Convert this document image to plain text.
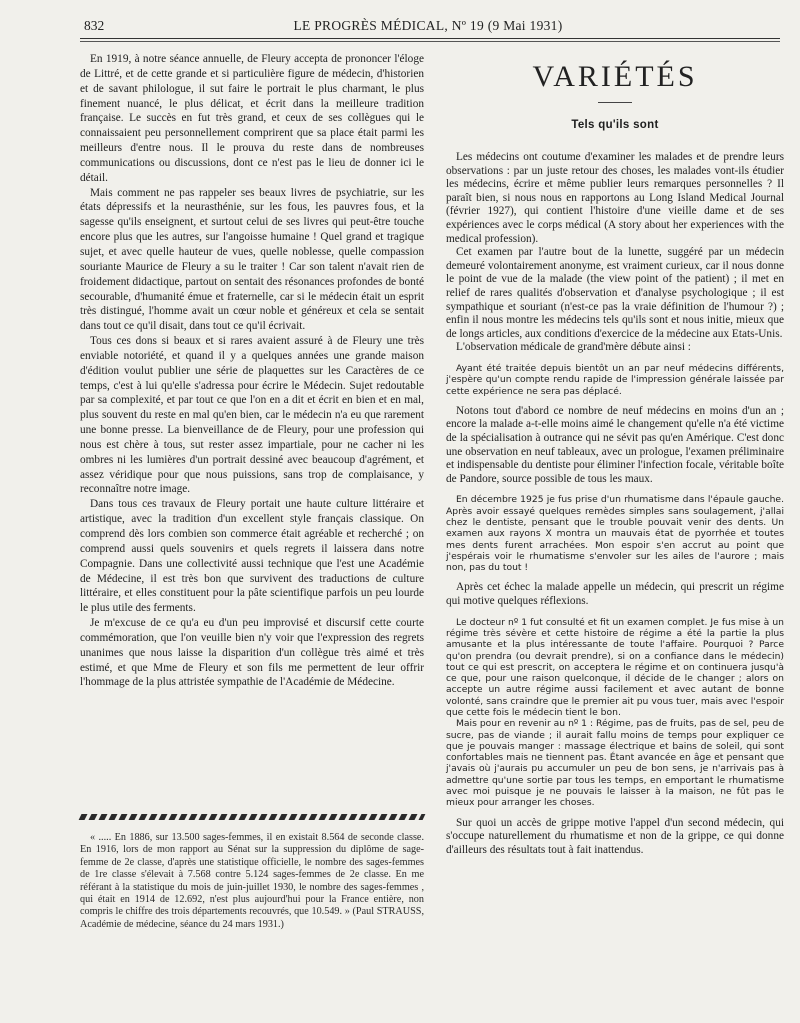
832	LE PROGRÈS MÉDICAL, Nº 19 (9 Mai 1931)

En 1919, à notre séance annuelle, de Fleury accepta de prononcer l'éloge de Littré, et de cette grande et si particulière figure de médecin, d'historien et de savant philologue, il sut faire le portrait le plus charmant, le plus finement nuancé, le plus délicat, et écrit dans la meilleure tradition française. Le succès en fut très grand, et ceux de ses collègues qui le connaissaient peu personnellement comprirent que sa place était parmi les meilleurs d'entre nous. Il le prouva du reste dans de nombreuses communications ou discussions, dont ce n'est pas le lieu de donner ici le détail.

Mais comment ne pas rappeler ses beaux livres de psychiatrie, sur les états dépressifs et la neurasthénie, sur les fous, les pauvres fous, et la sagesse qu'ils enseignent, et surtout celui de ses livres qui peut-être touche encore plus que les autres, sur l'angoisse humaine ! Quel grand et tragique sujet, et avec quelle hauteur de vues, quelle noblesse, quelle compassion souriante Maurice de Fleury a su le traiter ! Car son talent n'avait rien de froidement didactique, partout on sentait des résonances profondes de bonté secourable, d'humanité émue et fraternelle, car si le médecin était un esprit très distingué, l'homme avait un cœur noble et généreux et cela se sentait dans tout ce qu'il disait, dans tout ce qu'il écrivait.

Tous ces dons si beaux et si rares avaient assuré à de Fleury une très enviable notoriété, et quand il y a quelques années une grande maison d'édition voulut publier une série de plaquettes sur les Caractères de ce temps, c'est à lui qu'elle s'adressa pour écrire le Médecin. Sujet redoutable par sa complexité, et par tout ce que l'on en a dit et écrit en bien et en mal, plus souvent du reste en mal qu'en bien, car le médecin n'a eu que rarement une bonne presse. La bienveillance de de Fleury, pour une profession qui nous est chère à tous, sut rester assez impartiale, pour ne cacher ni les ombres ni les lumières d'un portrait dessiné avec beaucoup d'agrément, et assez véridique pour que nous puissions, sans trop de complaisance, y reconnaître notre image.

Dans tous ces travaux de Fleury portait une haute culture littéraire et artistique, avec la tradition d'un excellent style français classique. On comprend dès lors combien son commerce était agréable et recherché ; on comprend aussi quels souvenirs et quels regrets il laissera dans notre Compagnie. Dans une collectivité aussi technique que l'est une Académie de Médecine, il est très bon que survivent des traductions de culture littéraire, et elles constituent pour la pâte scientifique parfois un peu lourde le plus utile des ferments.

Je m'excuse de ce qu'a eu d'un peu improvisé et discursif cette courte commémoration, que l'on veuille bien n'y voir que l'expression des regrets unanimes que nous laisse la disparition d'un collègue très aimé et très estimé, et que Mme de Fleury et son fils me permettent de leur offrir l'hommage de la plus attristée sympathie de l'Académie de Médecine.

« ..... En 1886, sur 13.500 sages-femmes, il en existait 8.564 de seconde classe. En 1916, lors de mon rapport au Sénat sur la suppression du diplôme de sage-femme de 2e classe, d'après une statistique officielle, le nombre des sages-femmes de 1re classe s'élevait à 7.568 contre 5.124 sages-femmes de 2e classe. En me référant à la statistique du mois de juin-juillet 1930, le nombre des sages-femmes , qui était en 1914 de 12.692, n'est plus aujourd'hui pour la France entière, non compris le chiffre des trois départements recouvrés, que 10.549. » (Paul STRAUSS, Académie de médecine, séance du 24 mars 1931.)

VARIÉTÉS
Tels qu'ils sont

Les médecins ont coutume d'examiner les malades et de prendre leurs observations : par un juste retour des choses, les malades vont-ils étudier les médecins, écrire et même publier leurs remarques personnelles ? Il paraît bien, si nous nous en rapportons au Long Island Medical Journal (février 1927), qui contient l'histoire d'une vieille dame et de ses expériences avec le corps médical (A story about her experiences with the medical profession).

Cet examen par l'autre bout de la lunette, suggéré par un médecin demeuré volontairement anonyme, est vraiment curieux, car il nous donne le point de vue de la malade (the view point of the patient) ; il met en relief de rares qualités d'observation et d'analyse psychologique ; il est sympathique et souriant (n'est-ce pas la vraie définition de l'humour ?) ; enfin il nous montre les médecins tels qu'ils sont et nous initie, mieux que de longs articles, aux conditions d'exercice de la médecine aux Etats-Unis.

L'observation médicale de grand'mère débute ainsi :

Ayant été traitée depuis bientôt un an par neuf médecins différents, j'espère qu'un compte rendu rapide de l'impression générale laissée par cette expérience ne sera pas déplacé.

Notons tout d'abord ce nombre de neuf médecins en moins d'un an ; encore la malade a-t-elle moins aimé le changement qu'elle n'a été victime de la spécialisation à outrance qui ne sévit pas qu'en Amérique. C'est donc une observation en neuf tableaux, avec un prologue, l'examen préliminaire et indispensable du dentiste pour éliminer l'infection focale, véritable boîte de Pandore, source possible de tous les maux.

En décembre 1925 je fus prise d'un rhumatisme dans l'épaule gauche. Après avoir essayé quelques remèdes simples sans soulagement, j'allai chez le dentiste, pensant que le trouble pouvait venir des dents. Un examen aux rayons X montra un mauvais état de pyorrhée et toutes mes dents furent arrachées. Mon espoir s'en accrut au point que j'espérais voir le rhumatisme s'envoler sur les ailes de l'aurore ; mais non, pas du tout !

Après cet échec la malade appelle un médecin, qui prescrit un régime qui motive quelques réflexions.

Le docteur nº 1 fut consulté et fit un examen complet. Je fus mise à un régime très sévère et cette histoire de régime a été la partie la plus amusante et la plus intéressante de toute l'affaire. Pourquoi ? Parce qu'on prendra (ou devrait prendre), si on a confiance dans le médecin) tout ce qui est prescrit, on acceptera le régime et on continuera jusqu'à ce que, pour une raison quelconque, il décide de le changer ; alors on accepte un autre régime aussi facilement et avec autant de bonne volonté, sans craindre que le premier ait pu vous tuer, mais avec l'espoir que cette fois le médecin tient le bon.

Mais pour en revenir au nº 1 : Régime, pas de fruits, pas de sel, peu de sucre, pas de viande ; il aurait fallu moins de temps pour expliquer ce que je pouvais manger : massage électrique et bains de soleil, qui sont confortables mais ne tiennent pas. Étant avancée en âge et pensant que j'avais où j'aurais pu accumuler un peu de bon sens, je n'arrivais pas à admettre qu'une sortie par tous les temps, en emportant le rhumatisme avec moi puisque je ne pouvais le laisser à la maison, ne fût pas le mieux pour arranger les choses.

Sur quoi un accès de grippe motive l'appel d'un second médecin, qui s'occupe naturellement du rhumatisme et non de la grippe, ce qui donne d'ailleurs des résultats tout à fait inattendus.
